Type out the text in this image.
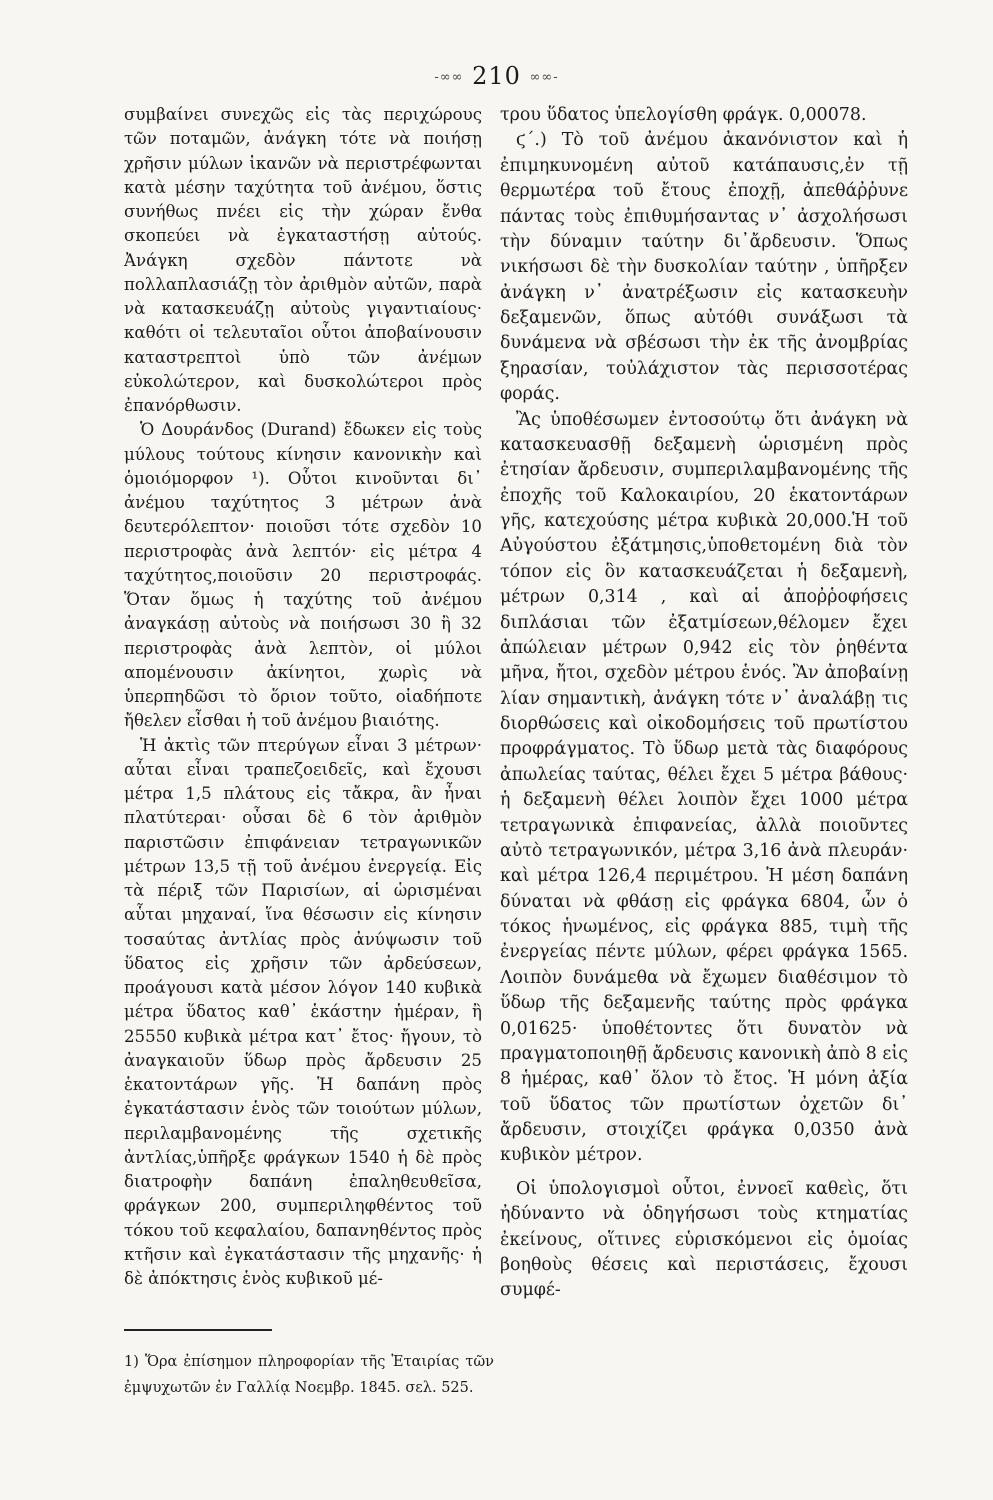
-∞∞ 210 ∞∞-

συμβαίνει συνεχῶς εἰς τὰς περιχώρους τῶν ποταμῶν, ἀνάγκη τότε νὰ ποιήσῃ χρῆσιν μύλων ἱκανῶν νὰ περιστρέφωνται κατὰ μέσην ταχύτητα τοῦ ἀνέμου, ὅστις συνήθως πνέει εἰς τὴν χώραν ἔνθα σκοπεύει νὰ ἐγκαταστήσῃ αὐτούς. Ἀνάγκη σχεδὸν πάντοτε νὰ πολλαπλασιάζῃ τὸν ἀριθμὸν αὐτῶν, παρὰ νὰ κατασκευάζῃ αὐτοὺς γιγαντιαίους· καθότι οἱ τελευταῖοι οὗτοι ἀποβαίνουσιν καταστρεπτοὶ ὑπὸ τῶν ἀνέμων εὐκολώτερον, καὶ δυσκολώτεροι πρὸς ἐπανόρθωσιν.

Ὁ Δουράνδος (Durand) ἔδωκεν εἰς τοὺς μύλους τούτους κίνησιν κανονικὴν καὶ ὁμοιόμορφον ¹). Οὗτοι κινοῦνται δι᾽ ἀνέμου ταχύτητος 3 μέτρων ἀνὰ δευτερόλεπτον· ποιοῦσι τότε σχεδὸν 10 περιστροφὰς ἀνὰ λεπτόν· εἰς μέτρα 4 ταχύτητος,ποιοῦσιν 20 περιστροφάς. Ὅταν ὅμως ἡ ταχύτης τοῦ ἀνέμου ἀναγκάσῃ αὐτοὺς νὰ ποιήσωσι 30 ἢ 32 περιστροφὰς ἀνὰ λεπτὸν, οἱ μύλοι απομένουσιν ἀκίνητοι, χωρὶς νὰ ὑπερπηδῶσι τὸ ὅριον τοῦτο, οἱαδήποτε ἤθελεν εἶσθαι ἡ τοῦ ἀνέμου βιαιότης.

Ἡ ἀκτὶς τῶν πτερύγων εἶναι 3 μέτρων· αὗται εἶναι τραπεζοειδεῖς, καὶ ἔχουσι μέτρα 1,5 πλάτους εἰς τἄκρα, ἂν ἦναι πλατύτεραι· οὖσαι δὲ 6 τὸν ἀριθμὸν παριστῶσιν ἐπιφάνειαν τετραγωνικῶν μέτρων 13,5 τῇ τοῦ ἀνέμου ἐνεργείᾳ. Εἰς τὰ πέριξ τῶν Παρισίων, αἱ ὡρισμέναι αὗται μηχαναί, ἵνα θέσωσιν εἰς κίνησιν τοσαύτας ἀντλίας πρὸς ἀνύψωσιν τοῦ ὕδατος εἰς χρῆσιν τῶν ἀρδεύσεων, προάγουσι κατὰ μέσον λόγον 140 κυβικὰ μέτρα ὕδατος καθ᾽ ἑκάστην ἡμέραν, ἢ 25550 κυβικὰ μέτρα κατ᾽ ἔτος· ἤγουν, τὸ ἀναγκαιοῦν ὕδωρ πρὸς ἄρδευσιν 25 ἑκατοντάρων γῆς. Ἡ δαπάνη πρὸς ἐγκατάστασιν ἑνὸς τῶν τοιούτων μύλων, περιλαμβανομένης τῆς σχετικῆς ἀντλίας,ὑπῆρξε φράγκων 1540 ἡ δὲ πρὸς διατροφὴν δαπάνη ἐπαληθευθεῖσα, φράγκων 200, συμπεριληφθέντος τοῦ τόκου τοῦ κεφαλαίου, δαπανηθέντος πρὸς κτῆσιν καὶ ἐγκατάστασιν τῆς μηχανῆς· ἡ δὲ ἀπόκτησις ἑνὸς κυβικοῦ μέ-

τρου ὕδατος ὑπελογίσθη φράγκ. 0,00078.

ϛ΄.) Τὸ τοῦ ἀνέμου ἀκανόνιστον καὶ ἡ ἐπιμηκυνομένη αὐτοῦ κατάπαυσις,ἐν τῇ θερμωτέρα τοῦ ἔτους ἐποχῇ, ἀπεθάῤῥυνε πάντας τοὺς ἐπιθυμήσαντας ν᾽ ἀσχολήσωσι τὴν δύναμιν ταύτην δι᾽ἄρδευσιν. Ὅπως νικήσωσι δὲ τὴν δυσκολίαν ταύτην , ὑπῆρξεν ἀνάγκη ν᾽ ἀνατρέξωσιν εἰς κατασκευὴν δεξαμενῶν, ὅπως αὐτόθι συνάξωσι τὰ δυνάμενα νὰ σβέσωσι τὴν ἐκ τῆς ἀνομβρίας ξηρασίαν, τοὐλάχιστον τὰς περισσοτέρας φοράς.

Ἂς ὑποθέσωμεν ἐντοσούτῳ ὅτι ἀνάγκη νὰ κατασκευασθῇ δεξαμενὴ ὡρισμένη πρὸς ἐτησίαν ἄρδευσιν, συμπεριλαμβανομένης τῆς ἐποχῆς τοῦ Καλοκαιρίου, 20 ἑκατοντάρων γῆς, κατεχούσης μέτρα κυβικὰ 20,000.Ἡ τοῦ Αὐγούστου ἐξάτμησις,ὑποθετομένη διὰ τὸν τόπον εἰς ὃν κατασκευάζεται ἡ δεξαμενὴ, μέτρων 0,314 , καὶ αἱ ἀποῤῥοφήσεις διπλάσιαι τῶν ἐξατμίσεων,θέλομεν ἔχει ἀπώλειαν μέτρων 0,942 εἰς τὸν ῥηθέντα μῆνα, ἤτοι, σχεδὸν μέτρου ἑνός. Ἂν ἀποβαίνῃ λίαν σημαντικὴ, ἀνάγκη τότε ν᾽ ἀναλάβῃ τις διορθώσεις καὶ οἰκοδομήσεις τοῦ πρωτίστου προφράγματος. Τὸ ὕδωρ μετὰ τὰς διαφόρους ἀπωλείας ταύτας, θέλει ἔχει 5 μέτρα βάθους· ἡ δεξαμενὴ θέλει λοιπὸν ἔχει 1000 μέτρα τετραγωνικὰ ἐπιφανείας, ἀλλὰ ποιοῦντες αὐτὸ τετραγωνικόν, μέτρα 3,16 ἀνὰ πλευράν· καὶ μέτρα 126,4 περιμέτρου. Ἡ μέση δαπάνη δύναται νὰ φθάσῃ εἰς φράγκα 6804, ὧν ὁ τόκος ἡνωμένος, εἰς φράγκα 885, τιμὴ τῆς ἐνεργείας πέντε μύλων, φέρει φράγκα 1565. Λοιπὸν δυνάμεθα νὰ ἔχωμεν διαθέσιμον τὸ ὕδωρ τῆς δεξαμενῆς ταύτης πρὸς φράγκα 0,01625· ὑποθέτοντες ὅτι δυνατὸν νὰ πραγματοποιηθῇ ἄρδευσις κανονικὴ ἀπὸ 8 εἰς 8 ἡμέρας, καθ᾽ ὅλον τὸ ἔτος. Ἡ μόνη ἀξία τοῦ ὕδατος τῶν πρωτίστων ὀχετῶν δι᾽ ἄρδευσιν, στοιχίζει φράγκα 0,0350 ἀνὰ κυβικὸν μέτρον.

Οἱ ὑπολογισμοὶ οὗτοι, ἐννοεῖ καθεὶς, ὅτι ἠδύναντο νὰ ὁδηγήσωσι τοὺς κτηματίας ἐκείνους, οἵτινες εὑρισκόμενοι εἰς ὁμοίας βοηθοὺς θέσεις καὶ περιστάσεις, ἔχουσι συμφέ-

1) Ὅρα ἐπίσημον πληροφορίαν τῆς Ἑταιρίας τῶν ἐμψυχωτῶν ἐν Γαλλίᾳ Νοεμβρ. 1845. σελ. 525.
